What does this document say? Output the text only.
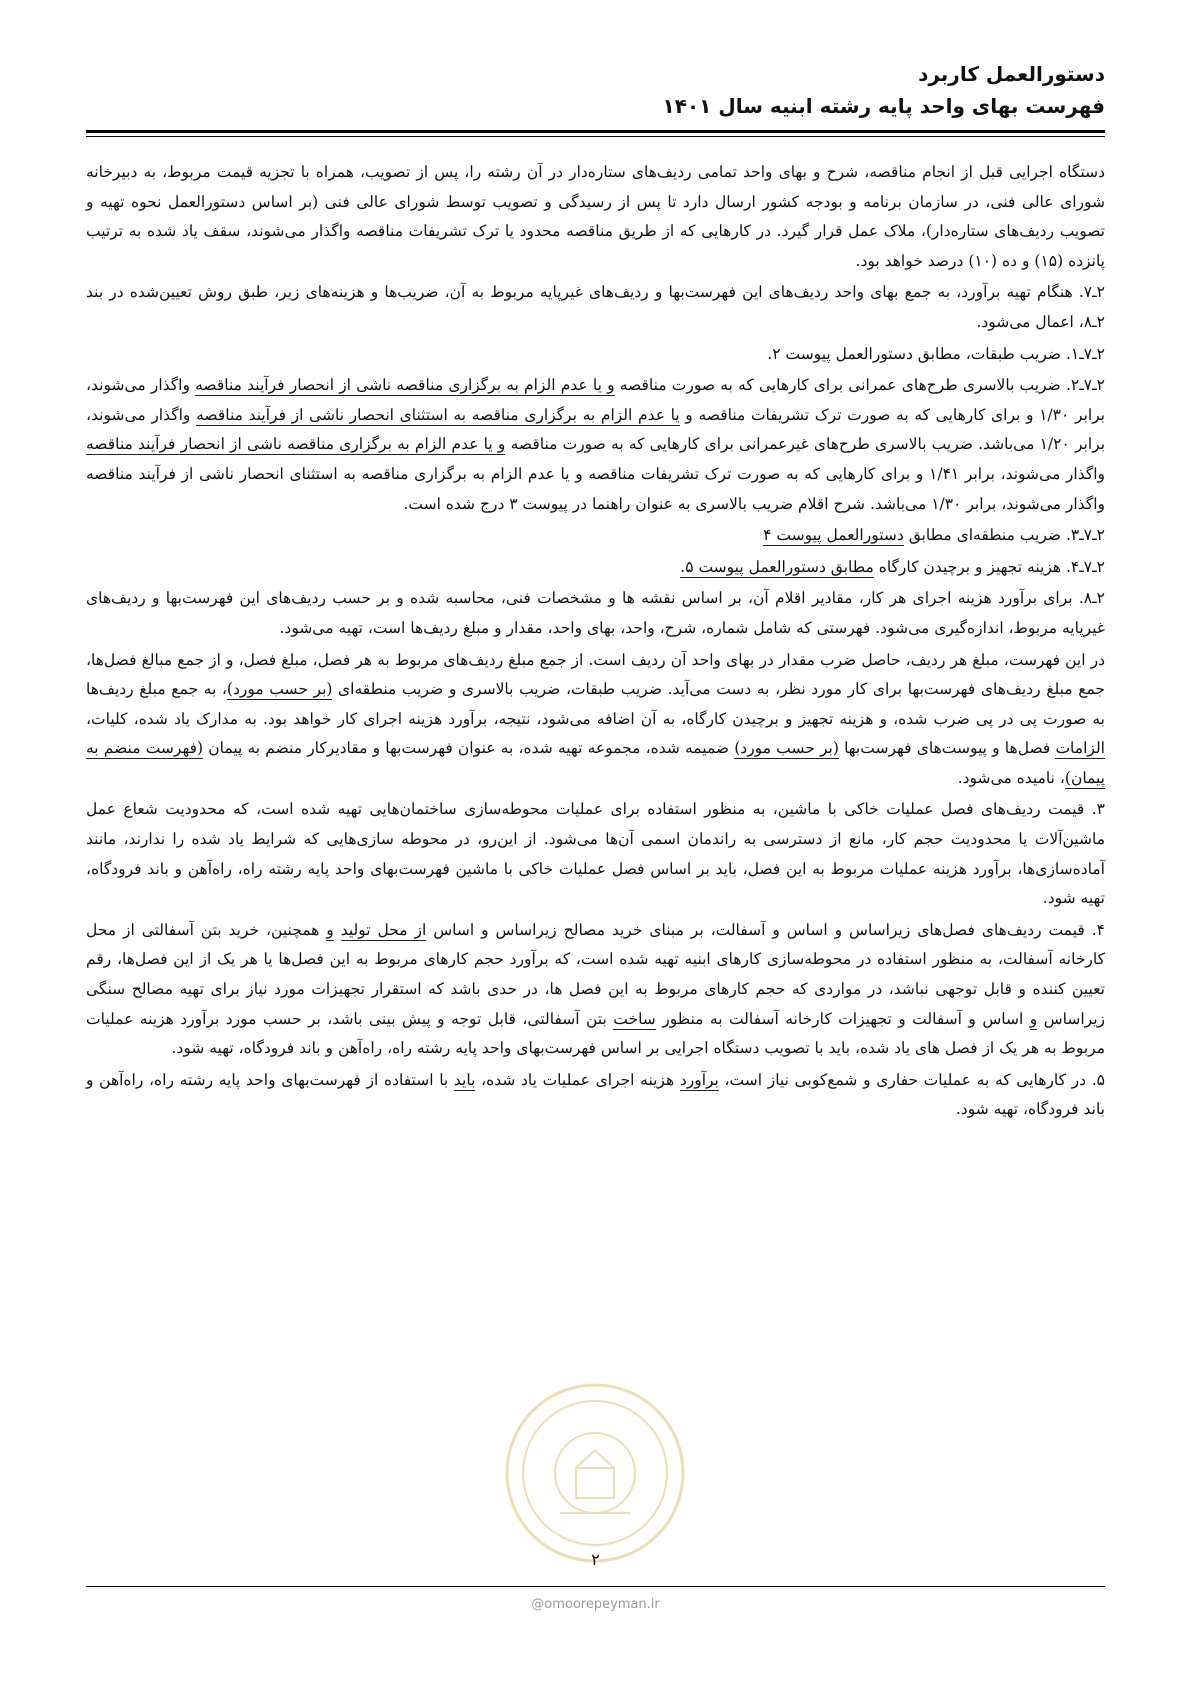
دستورالعمل کاربرد
فهرست بهای واحد پایه رشته ابنیه سال ۱۴۰۱

دستگاه اجرایی قبل از انجام مناقصه، شرح و بهای واحد تمامی ردیف‌های ستاره‌دار در آن رشته را، پس از تصویب، همراه با تجزیه قیمت مربوط، به دبیرخانه شورای عالی فنی، در سازمان برنامه و بودجه کشور ارسال دارد تا پس از رسیدگی و تصویب توسط شورای عالی فنی (بر اساس دستورالعمل نحوه تهیه و تصویب ردیف‌های ستاره‌دار)، ملاک عمل قرار گیرد. در کارهایی که از طریق مناقصه محدود یا ترک تشریفات مناقصه واگذار می‌شوند، سقف یاد شده به ترتیب پانزده (۱۵) و ده (۱۰) درصد خواهد بود.

۲ـ۷. هنگام تهیه برآورد، به جمع بهای واحد ردیف‌های این فهرست‌بها و ردیف‌های غیرپایه مربوط به آن، ضریب‌ها و هزینه‌های زیر، طبق روش تعیین‌شده در بند ۲ـ۸، اعمال می‌شود.

۲ـ۷ـ۱. ضریب طبقات، مطابق دستورالعمل پیوست ۲.

۲ـ۷ـ۲. ضریب بالاسری طرح‌های عمرانی برای کارهایی که به صورت مناقصه و یا عدم الزام به برگزاری مناقصه ناشی از انحصار فرآیند مناقصه واگذار می‌شوند، برابر ۱/۳۰ و برای کارهایی که به صورت ترک تشریفات مناقصه و یا عدم الزام به برگزاری مناقصه به استثنای انحصار ناشی از فرآیند مناقصه واگذار می‌شوند، برابر ۱/۲۰ می‌باشد. ضریب بالاسری طرح‌های غیرعمرانی برای کارهایی که به صورت مناقصه و یا عدم الزام به برگزاری مناقصه ناشی از انحصار فرآیند مناقصه واگذار می‌شوند، برابر ۱/۴۱ و برای کارهایی که به صورت ترک تشریفات مناقصه و یا عدم الزام به برگزاری مناقصه به استثنای انحصار ناشی از فرآیند مناقصه واگذار می‌شوند، برابر ۱/۳۰ می‌باشد. شرح اقلام ضریب بالاسری به عنوان راهنما در پیوست ۳ درج شده است.

۲ـ۷ـ۳. ضریب منطقه‌ای مطابق دستورالعمل پیوست ۴

۲ـ۷ـ۴. هزینه تجهیز و برچیدن کارگاه مطابق دستورالعمل پیوست ۵.

۲ـ۸. برای برآورد هزینه اجرای هر کار، مقادیر اقلام آن، بر اساس نقشه ها و مشخصات فنی، محاسبه شده و بر حسب ردیف‌های این فهرست‌بها و ردیف‌های غیرپایه مربوط، اندازه‌گیری می‌شود. فهرستی که شامل شماره، شرح، واحد، بهای واحد، مقدار و مبلغ ردیف‌ها است، تهیه می‌شود.

در این فهرست، مبلغ هر ردیف، حاصل ضرب مقدار در بهای واحد آن ردیف است. از جمع مبلغ ردیف‌های مربوط به هر فصل، مبلغ فصل، و از جمع مبالغ فصل‌ها، جمع مبلغ ردیف‌های فهرست‌بها برای کار مورد نظر، به دست می‌آید. ضریب طبقات، ضریب بالاسری و ضریب منطقه‌ای (بر حسب مورد)، به جمع مبلغ ردیف‌ها به صورت پی در پی ضرب شده، و هزینه تجهیز و برچیدن کارگاه، به آن اضافه می‌شود، نتیجه، برآورد هزینه اجرای کار خواهد بود. به مدارک یاد شده، کلیات، الزامات فصل‌ها و پیوست‌های فهرست‌بها (بر حسب مورد) ضمیمه شده، مجموعه تهیه شده، به عنوان فهرست‌بها و مقادیرکار منضم به پیمان (فهرست منضم به پیمان)، نامیده می‌شود.

۳. قیمت ردیف‌های فصل عملیات خاکی با ماشین، به منظور استفاده برای عملیات محوطه‌سازی ساختمان‌هایی تهیه شده است، که محدودیت شعاع عمل ماشین‌آلات یا محدودیت حجم کار، مانع از دسترسی به راندمان اسمی آن‌ها می‌شود. از این‌رو، در محوطه سازی‌هایی که شرایط یاد شده را ندارند، مانند آماده‌سازی‌ها، برآورد هزینه عملیات مربوط به این فصل، باید بر اساس فصل عملیات خاکی با ماشین فهرست‌بهای واحد پایه رشته راه، راه‌آهن و باند فرودگاه، تهیه شود.

۴. قیمت ردیف‌های فصل‌های زیراساس و اساس و آسفالت، بر مبنای خرید مصالح زیراساس و اساس از محل تولید و همچنین، خرید بتن آسفالتی از محل کارخانه آسفالت، به منظور استفاده در محوطه‌سازی کارهای ابنیه تهیه شده است، که برآورد حجم کارهای مربوط به این فصل‌ها یا هر یک از این فصل‌ها، رقم تعیین کننده و قابل توجهی نباشد، در مواردی که حجم کارهای مربوط به این فصل ها، در حدی باشد که استقرار تجهیزات مورد نیاز برای تهیه مصالح سنگی زیراساس و اساس و آسفالت و تجهیزات کارخانه آسفالت به منظور ساخت بتن آسفالتی، قابل توجه و پیش بینی باشد، بر حسب مورد برآورد هزینه عملیات مربوط به هر یک از فصل های یاد شده، باید با تصویب دستگاه اجرایی بر اساس فهرست‌بهای واحد پایه رشته راه، راه‌آهن و باند فرودگاه، تهیه شود.

۵. در کارهایی که به عملیات حفاری و شمع‌کوبی نیاز است، برآورد هزینه اجرای عملیات یاد شده، باید با استفاده از فهرست‌بهای واحد پایه رشته راه، راه‌آهن و باند فرودگاه، تهیه شود.

۲
@omoorepeyman.ir
